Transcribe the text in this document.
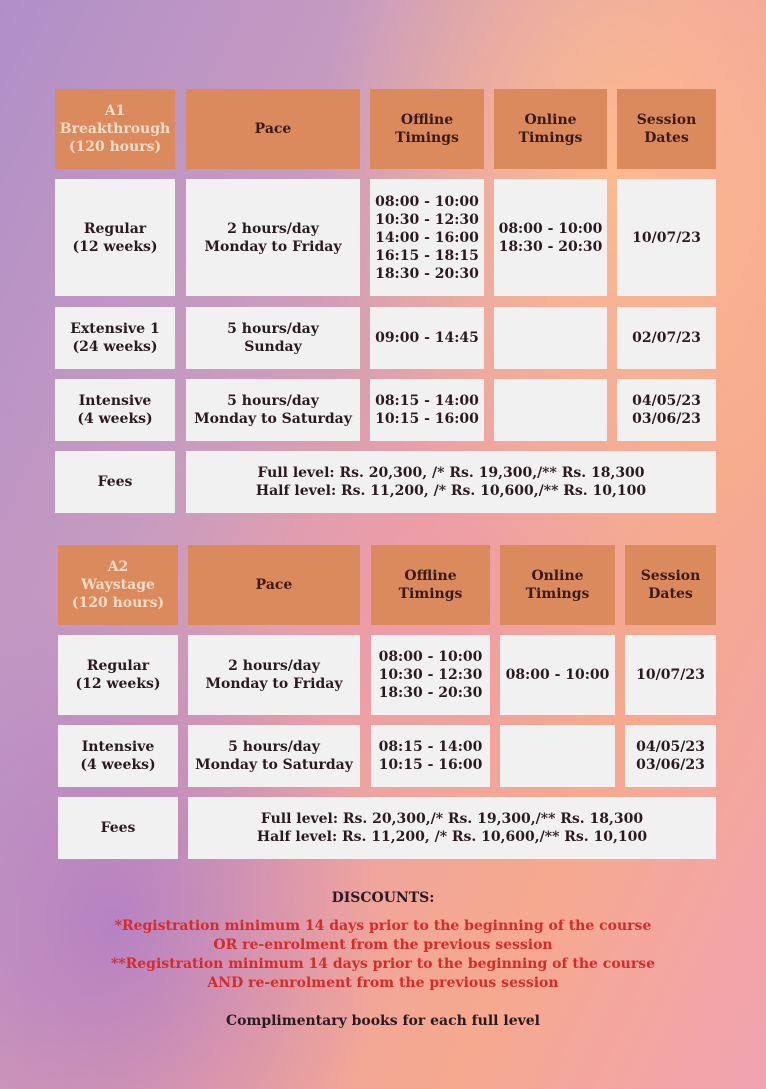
A1
Breakthrough
(120 hours)
Pace
Offline
Timings
Online
Timings
Session
Dates
Regular
(12 weeks)
2 hours/day
Monday to Friday
08:00 - 10:00
10:30 - 12:30
14:00 - 16:00
16:15 - 18:15
18:30 - 20:30
08:00 - 10:00
18:30 - 20:30
10/07/23
Extensive 1
(24 weeks)
5 hours/day
Sunday
09:00 - 14:45	02/07/23
Intensive
(4 weeks)
5 hours/day
Monday to Saturday
08:15 - 14:00
10:15 - 16:00
04/05/23
03/06/23
Fees
Full level: Rs. 20,300, /* Rs. 19,300,/** Rs. 18,300
Half level: Rs. 11,200, /* Rs. 10,600,/** Rs. 10,100
A2
Waystage
(120 hours)
Pace
Offline
Timings
Online
Timings
Session
Dates
Regular
(12 weeks)
2 hours/day
Monday to Friday
08:00 - 10:00
10:30 - 12:30
18:30 - 20:30
08:00 - 10:00	10/07/23
Intensive
(4 weeks)
5 hours/day
Monday to Saturday
08:15 - 14:00
10:15 - 16:00
04/05/23
03/06/23
Fees
Full level: Rs. 20,300,/* Rs. 19,300,/** Rs. 18,300
Half level: Rs. 11,200, /* Rs. 10,600,/** Rs. 10,100
DISCOUNTS:
*Registration minimum 14 days prior to the beginning of the course
OR re-enrolment from the previous session
**Registration minimum 14 days prior to the beginning of the course
AND re-enrolment from the previous session
Complimentary books for each full level
